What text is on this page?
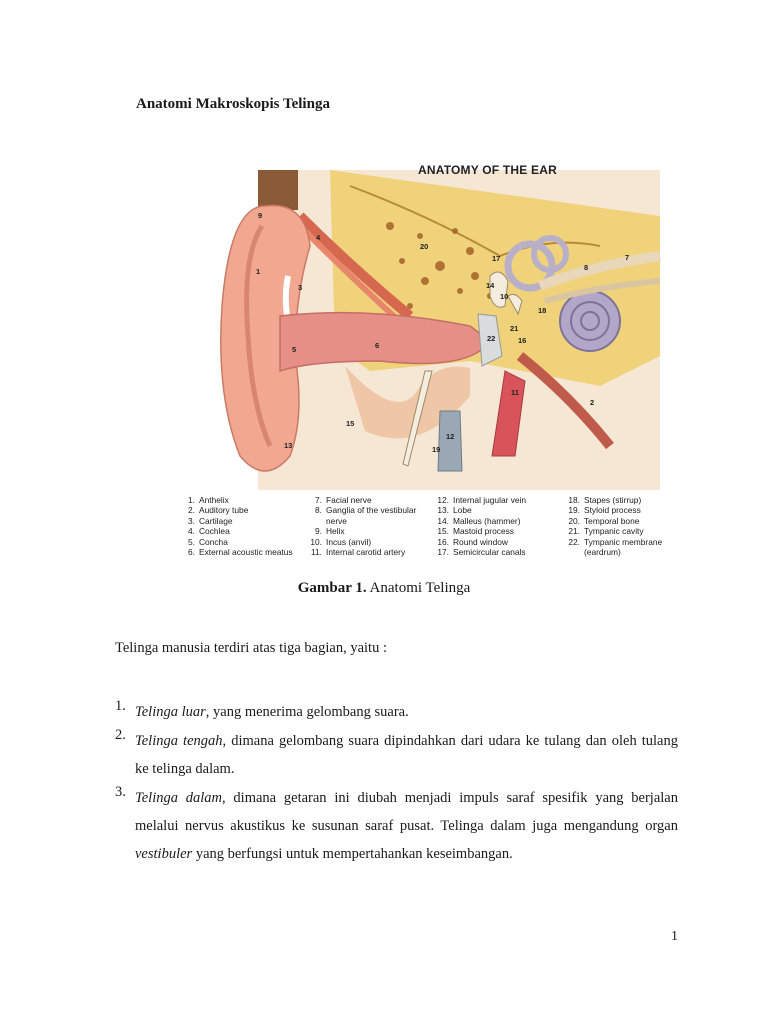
Anatomi Makroskopis Telinga
9
1
3
4
20
17
8
7
14
10
18
6
5
22	16
15
11
2
12
13	19
21
ANATOMY OF THE EAR
1. Anthelix
2. Auditory tube
3. Cartilage
4. Cochlea
5. Concha
6. External acoustic meatus
7. Facial nerve
8. Ganglia of the vestibular
nerve
9. Helix
10. Incus (anvil)
11. Internal carotid artery
12. Internal jugular vein
13. Lobe
14. Malleus (hammer)
15. Mastoid process
16. Round window
17. Semicircular canals
18. Stapes (stirrup)
19. Styloid process
20. Temporal bone
21. Tympanic cavity
22. Tympanic membrane
(eardrum)
Gambar 1. Anatomi Telinga
Telinga manusia terdiri atas tiga bagian, yaitu :
1. Telinga luar, yang menerima gelombang suara.
2. Telinga tengah, dimana gelombang suara dipindahkan dari udara ke tulang dan oleh tulang ke telinga dalam.
3. Telinga dalam, dimana getaran ini diubah menjadi impuls saraf spesifik yang berjalan melalui nervus akustikus ke susunan saraf pusat. Telinga dalam juga mengandung organ vestibuler yang berfungsi untuk mempertahankan keseimbangan.
1
